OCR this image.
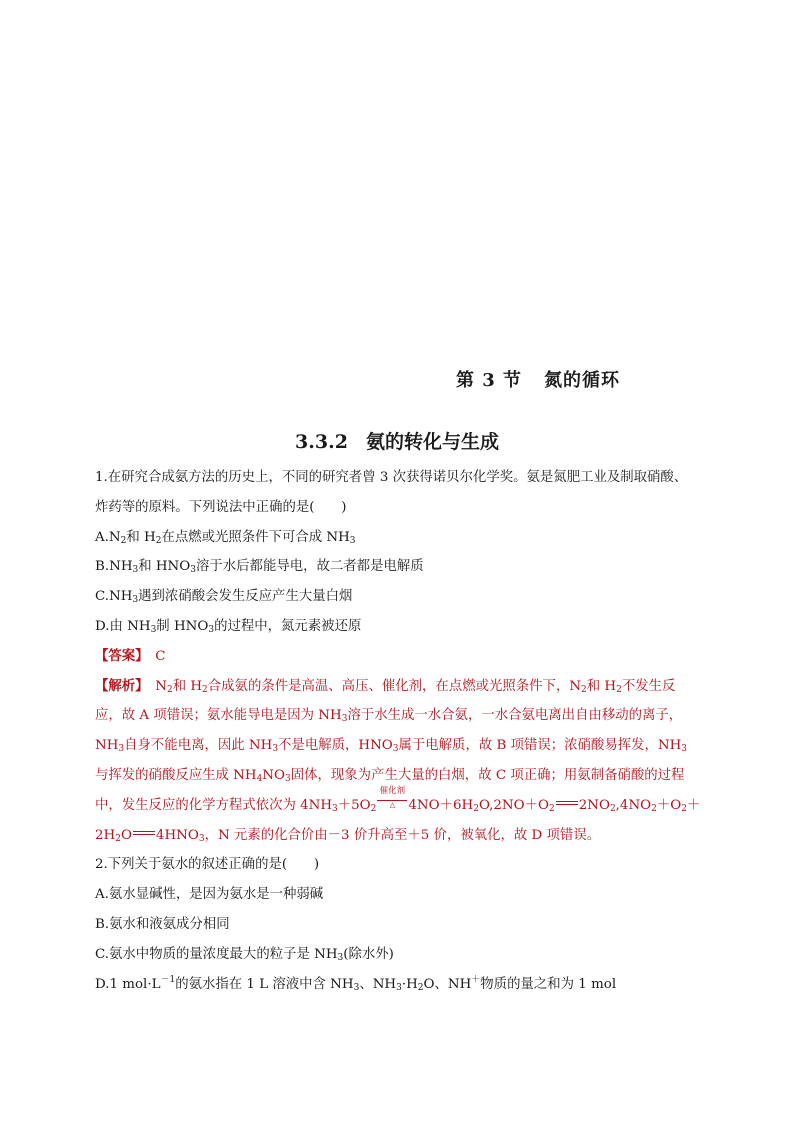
第 3 节 氮的循环
3.3.2 氨的转化与生成
1.在研究合成氨方法的历史上，不同的研究者曾 3 次获得诺贝尔化学奖。氨是氮肥工业及制取硝酸、
炸药等的原料。下列说法中正确的是(　　)
$A.N_2$和 $H_2$在点燃或光照条件下可合成 $NH_3$
$B.NH_3$和 $HNO_3$溶于水后都能导电，故二者都是电解质
$C.NH_3$遇到浓硝酸会发生反应产生大量白烟
D.由 $NH_3$制 $HNO_3$的过程中，氮元素被还原
【答案】　 C
【解析】　 $N_2$和 $H_2$合成氨的条件是高温、高压、催化剂，在点燃或光照条件下，$N_2$和 $H_2$不发生反
应，故 A 项错误；氨水能导电是因为 $NH_3$溶于水生成一水合氨，一水合氨电离出自由移动的离子，
$NH_3$自身不能电离，因此 $NH_3$不是电解质，$HNO_3$属于电解质，故 B 项错误；浓硝酸易挥发，$NH_3$
与挥发的硝酸反应生成 $NH_4NO_3$固体，现象为产生大量的白烟，故 C 项正确；用氨制备硝酸的过程
中，发生反应的化学方程式依次为 $4NH_3+5O_2$
催化剂
△ $4NO+6H_2O,2NO+O_2$ $2NO_2,4NO_2+O_2+$
$2H_2O$ $4HNO_3$，N 元素的化合价由－3 价升高至＋5 价，被氧化，故 D 项错误。
2.下列关于氨水的叙述正确的是(　　)
A.氨水显碱性，是因为氨水是一种弱碱
B.氨水和液氨成分相同
C.氨水中物质的量浓度最大的粒子是 $NH_3$(除水外)
D.1 $mol\cdot L^{-1}$的氨水指在 1 L 溶液中含 $NH_3$、$NH_3\cdot H_2O$、NH＋物质的量之和为 1 mol
